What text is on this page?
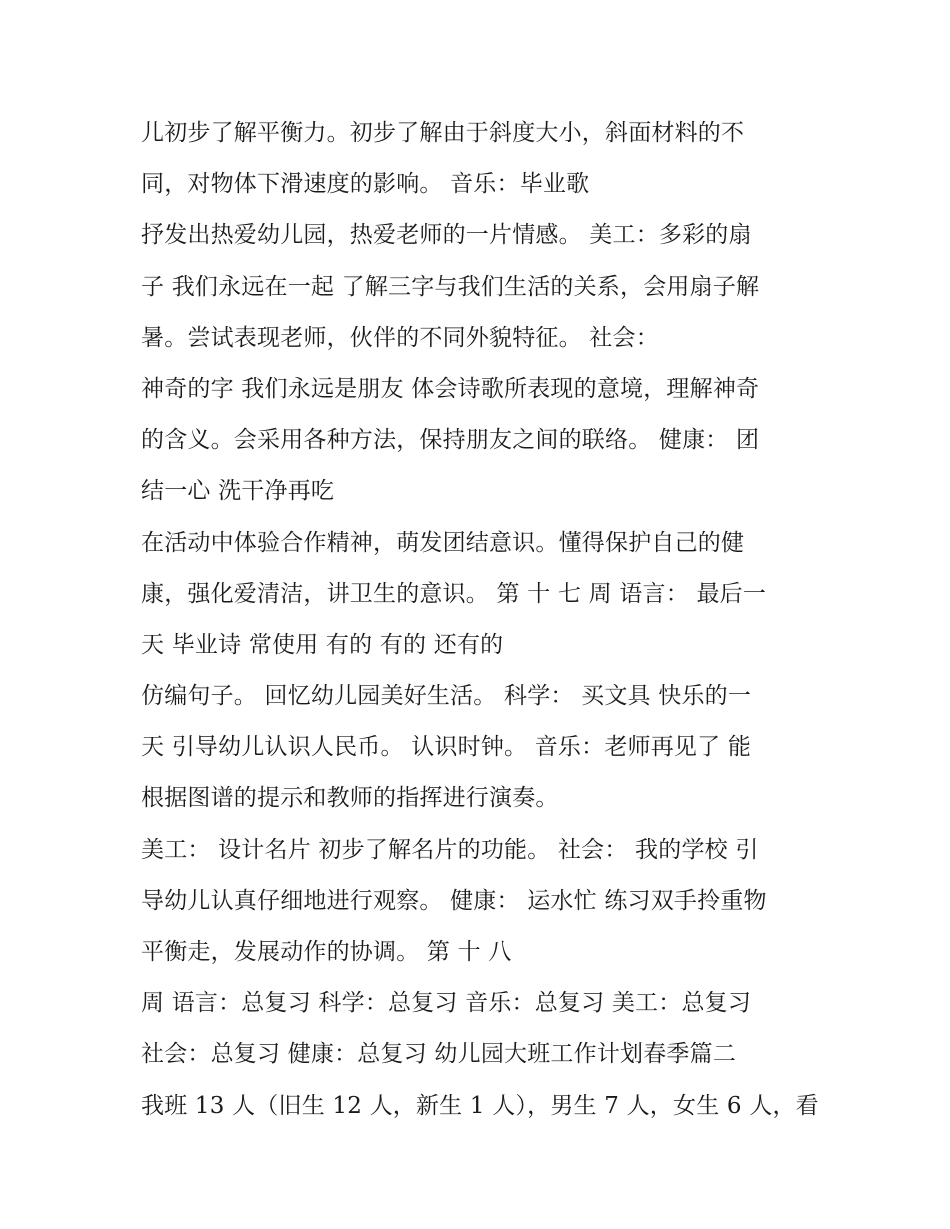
儿初步了解平衡力。初步了解由于斜度大小，斜面材料的不
同，对物体下滑速度的影响。 音乐：毕业歌
抒发出热爱幼儿园，热爱老师的一片情感。 美工：多彩的扇
子 我们永远在一起 了解三字与我们生活的关系，会用扇子解
暑。尝试表现老师，伙伴的不同外貌特征。 社会：
神奇的字 我们永远是朋友 体会诗歌所表现的意境，理解神奇
的含义。会采用各种方法，保持朋友之间的联络。 健康： 团
结一心 洗干净再吃
在活动中体验合作精神，萌发团结意识。懂得保护自己的健
康，强化爱清洁，讲卫生的意识。 第 十 七 周 语言： 最后一
天 毕业诗 常使用 有的 有的 还有的
仿编句子。 回忆幼儿园美好生活。 科学： 买文具 快乐的一
天 引导幼儿认识人民币。 认识时钟。 音乐：老师再见了 能
根据图谱的提示和教师的指挥进行演奏。
美工： 设计名片 初步了解名片的功能。 社会： 我的学校 引
导幼儿认真仔细地进行观察。 健康： 运水忙 练习双手拎重物
平衡走，发展动作的协调。 第 十 八
周 语言：总复习 科学：总复习 音乐：总复习 美工：总复习
社会：总复习 健康：总复习 幼儿园大班工作计划春季篇二
我班 13 人（旧生 12 人，新生 1 人），男生 7 人，女生 6 人，看
